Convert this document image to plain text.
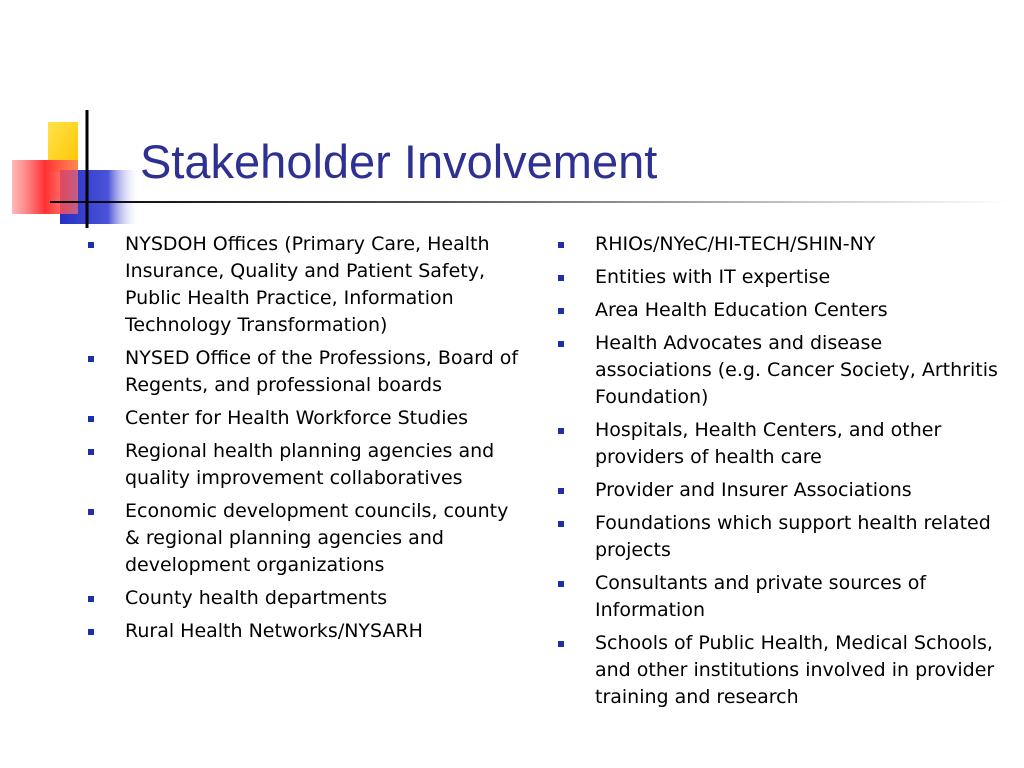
Stakeholder Involvement
NYSDOH Offices (Primary Care, Health Insurance, Quality and Patient Safety, Public Health Practice, Information Technology Transformation)
NYSED Office of the Professions, Board of Regents, and professional boards
Center for Health Workforce Studies
Regional health planning agencies and quality improvement collaboratives
Economic development councils, county & regional planning agencies and development organizations
County health departments
Rural Health Networks/NYSARH
RHIOs/NYeC/HI-TECH/SHIN-NY
Entities with IT expertise
Area Health Education Centers
Health Advocates and disease associations (e.g. Cancer Society, Arthritis Foundation)
Hospitals, Health Centers, and other providers of health care
Provider and Insurer Associations
Foundations which support health related projects
Consultants and private sources of Information
Schools of Public Health, Medical Schools, and other institutions involved in provider training and research
